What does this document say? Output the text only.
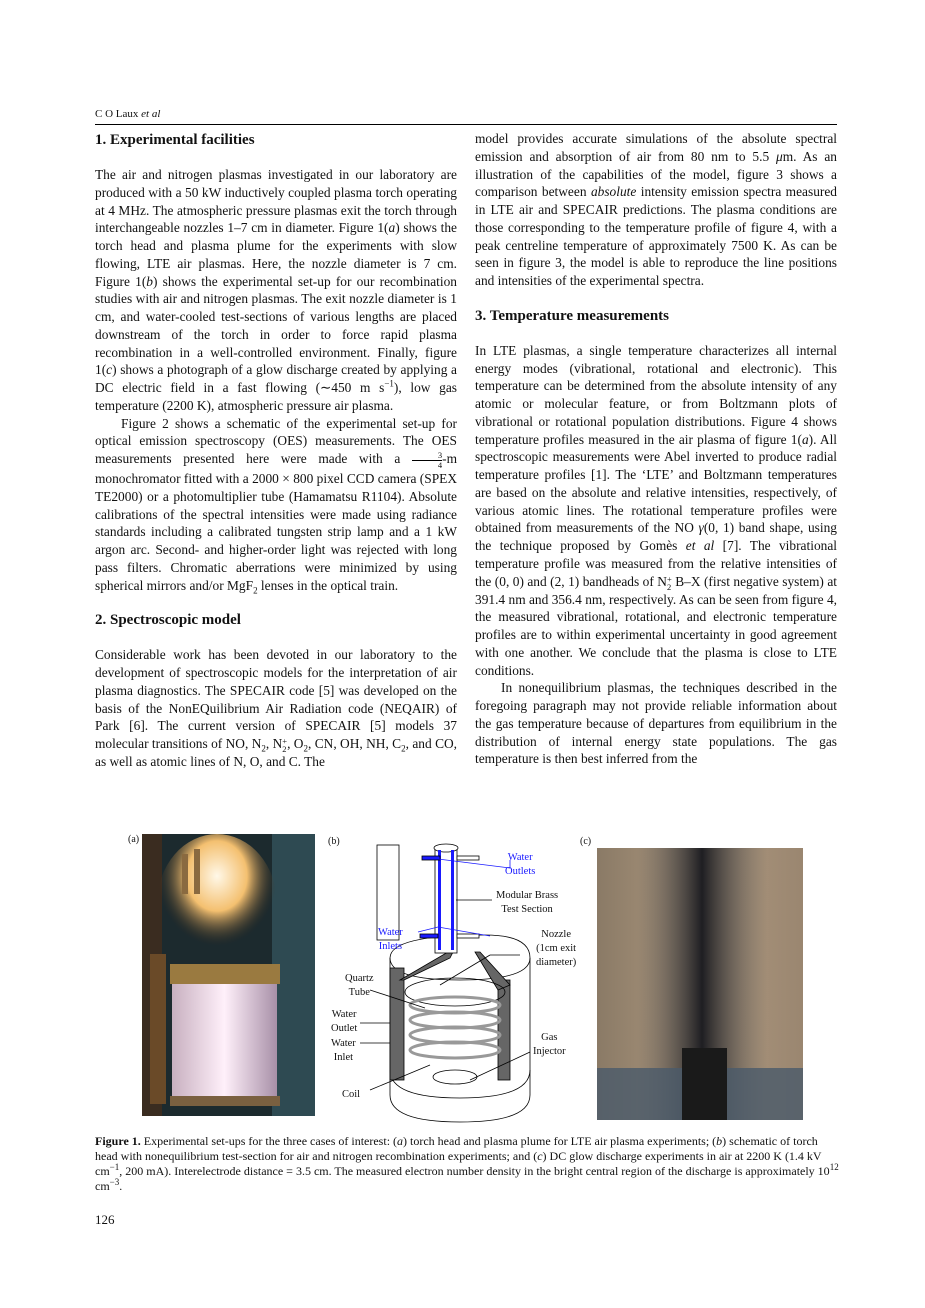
C O Laux et al
1. Experimental facilities

The air and nitrogen plasmas investigated in our laboratory are produced with a 50 kW inductively coupled plasma torch operating at 4 MHz. The atmospheric pressure plasmas exit the torch through interchangeable nozzles 1–7 cm in diameter. Figure 1(a) shows the torch head and plasma plume for the experiments with slow flowing, LTE air plasmas. Here, the nozzle diameter is 7 cm. Figure 1(b) shows the experimental set-up for our recombination studies with air and nitrogen plasmas. The exit nozzle diameter is 1 cm, and water-cooled test-sections of various lengths are placed downstream of the torch in order to force rapid plasma recombination in a well-controlled environment. Finally, figure 1(c) shows a photograph of a glow discharge created by applying a DC electric field in a fast flowing (∼450 m $s^{-1}$), low gas temperature (2200 K), atmospheric pressure air plasma.

Figure 2 shows a schematic of the experimental set-up for optical emission spectroscopy (OES) measurements. The OES measurements presented here were made with a $\frac{3}{4} -m$ monochromator fitted with a 2000 × 800 pixel CCD camera (SPEX TE2000) or a photomultiplier tube (Hamamatsu R1104). Absolute calibrations of the spectral intensities were made using radiance standards including a calibrated tungsten strip lamp and a 1 kW argon arc. Second- and higher-order light was rejected with long pass filters. Chromatic aberrations were minimized by using spherical mirrors and/or MgF$_2$ lenses in the optical train.

2. Spectroscopic model

Considerable work has been devoted in our laboratory to the development of spectroscopic models for the interpretation of air plasma diagnostics. The SPECAIR code [5] was developed on the basis of the NonEQuilibrium Air Radiation code (NEQAIR) of Park [6]. The current version of SPECAIR [5] models 37 molecular transitions of NO, $N_2$, N +
2 , $O_2$, CN, OH, NH, $C_2$, and CO, as well as atomic lines of N, O, and C. The

model provides accurate simulations of the absolute spectral emission and absorption of air from 80 nm to 5.5 μm. As an illustration of the capabilities of the model, figure 3 shows a comparison between absolute intensity emission spectra measured in LTE air and SPECAIR predictions. The plasma conditions are those corresponding to the temperature profile of figure 4, with a peak centreline temperature of approximately 7500 K. As can be seen in figure 3, the model is able to reproduce the line positions and intensities of the experimental spectra.

3. Temperature measurements

In LTE plasmas, a single temperature characterizes all internal energy modes (vibrational, rotational and electronic). This temperature can be determined from the absolute intensity of any atomic or molecular feature, or from Boltzmann plots of vibrational or rotational population distributions. Figure 4 shows temperature profiles measured in the air plasma of figure 1(a). All spectroscopic measurements were Abel inverted to produce radial temperature profiles [1]. The ‘LTE’ and Boltzmann temperatures are based on the absolute and relative intensities, respectively, of various atomic lines. The rotational temperature profiles were obtained from measurements of the NO γ(0, 1) band shape, using the technique proposed by Gomès et al [7]. The vibrational temperature profile was measured from the relative intensities of the (0, 0) and (2, 1) bandheads of N +
2 B–X (first negative system) at 391.4 nm and 356.4 nm, respectively. As can be seen from figure 4, the measured vibrational, rotational, and electronic temperature profiles are to within experimental uncertainty in good agreement with one another. We conclude that the plasma is close to LTE conditions.

In nonequilibrium plasmas, the techniques described in the foregoing paragraph may not provide reliable information about the gas temperature because of departures from equilibrium in the distribution of internal energy state populations. The gas temperature is then best inferred from the

(a)	(b)	(c)
Water
Outlets
Modular Brass
Test Section
Water
Inlets
Nozzle
(1cm exit
diameter)
Quartz
Tube
Water
Outlet
Water
Inlet
Gas
Injector
Coil
Figure 1. Experimental set-ups for the three cases of interest: (a) torch head and plasma plume for LTE air plasma experiments; (b) schematic of torch head with nonequilibrium test-section for air and nitrogen recombination experiments; and (c) DC glow discharge experiments in air at 2200 K (1.4 kV $cm^{-1}$, 200 mA). Interelectrode distance = 3.5 cm. The measured electron number density in the bright central region of the discharge is approximately $10^{12}$ $cm^{-3}$.
126
